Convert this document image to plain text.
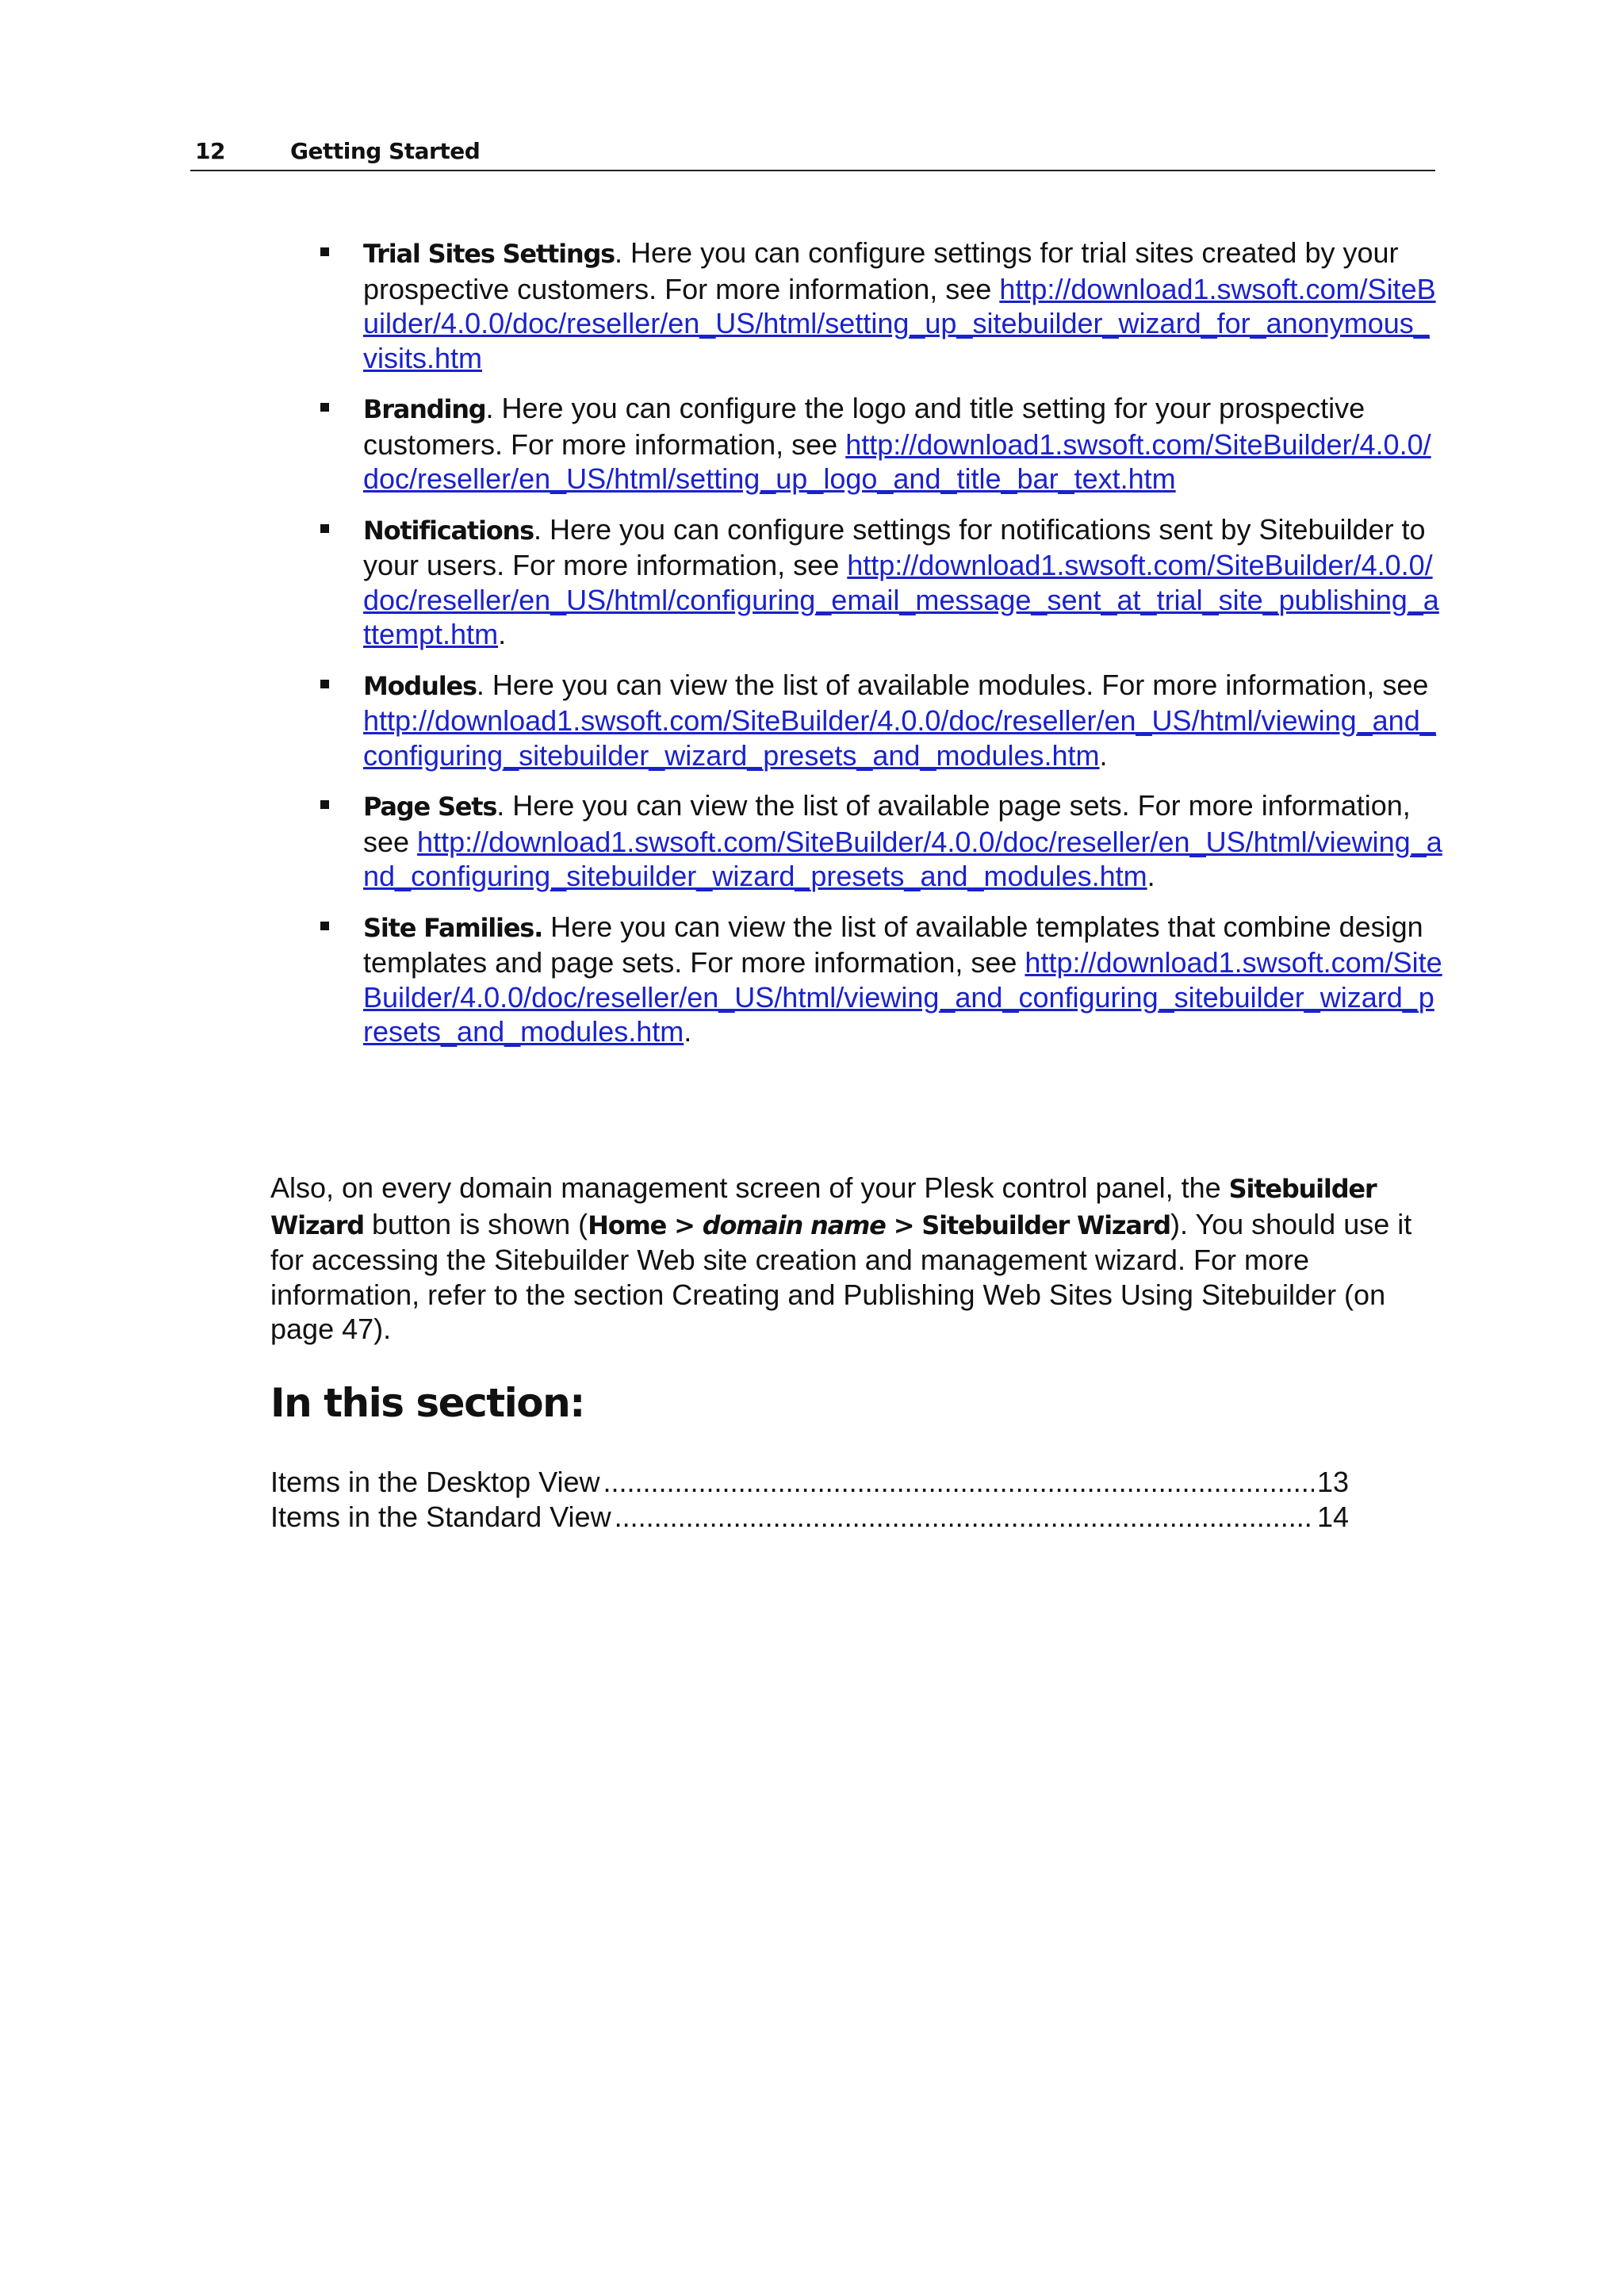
12	Getting Started
Trial Sites Settings. Here you can configure settings for trial sites created by your prospective customers. For more information, see http://download1.swsoft.com/SiteBuilder/4.0.0/doc/reseller/en_US/html/setting_up_sitebuilder_wizard_for_anonymous_visits.htm
Branding. Here you can configure the logo and title setting for your prospective customers. For more information, see http://download1.swsoft.com/SiteBuilder/4.0.0/doc/reseller/en_US/html/setting_up_logo_and_title_bar_text.htm
Notifications. Here you can configure settings for notifications sent by Sitebuilder to your users. For more information, see http://download1.swsoft.com/SiteBuilder/4.0.0/doc/reseller/en_US/html/configuring_email_message_sent_at_trial_site_publishing_attempt.htm.
Modules. Here you can view the list of available modules. For more information, see http://download1.swsoft.com/SiteBuilder/4.0.0/doc/reseller/en_US/html/viewing_and_configuring_sitebuilder_wizard_presets_and_modules.htm.
Page Sets. Here you can view the list of available page sets. For more information, see http://download1.swsoft.com/SiteBuilder/4.0.0/doc/reseller/en_US/html/viewing_and_configuring_sitebuilder_wizard_presets_and_modules.htm.
Site Families. Here you can view the list of available templates that combine design templates and page sets. For more information, see http://download1.swsoft.com/SiteBuilder/4.0.0/doc/reseller/en_US/html/viewing_and_configuring_sitebuilder_wizard_presets_and_modules.htm.

Also, on every domain management screen of your Plesk control panel, the Sitebuilder Wizard button is shown (Home > domain name > Sitebuilder Wizard). You should use it for accessing the Sitebuilder Web site creation and management wizard. For more information, refer to the section Creating and Publishing Web Sites Using Sitebuilder (on page 47).

In this section:
Items in the Desktop View .....	13
Items in the Standard View .....	14
